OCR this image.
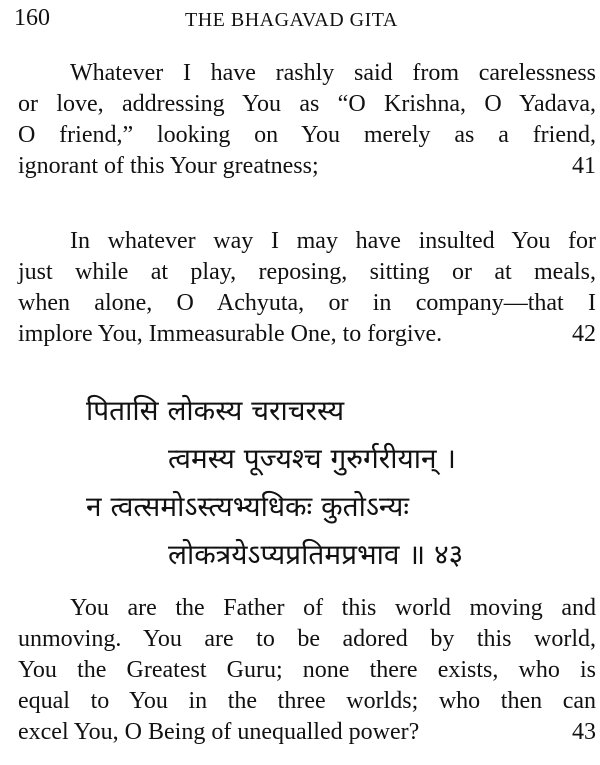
160	THE BHAGAVAD GITA
Whatever I have rashly said from carelessness
or love, addressing You as “O Krishna, O Yadava,
O friend,” looking on You merely as a friend,
ignorant of this Your greatness;	41
In whatever way I may have insulted You for
just while at play, reposing, sitting or at meals,
when alone, O Achyuta, or in company—that I
implore You, Immeasurable One, to forgive.	42
पितासि लोकस्य चराचरस्य
त्वमस्य पूज्यश्च गुरुर्गरीयान् ।
न त्वत्समोऽस्त्यभ्यधिकः कुतोऽन्यः
लोकत्रयेऽप्यप्रतिमप्रभाव ॥ ४३
You are the Father of this world moving and
unmoving. You are to be adored by this world,
You the Greatest Guru; none there exists, who is
equal to You in the three worlds; who then can
excel You, O Being of unequalled power?	43
